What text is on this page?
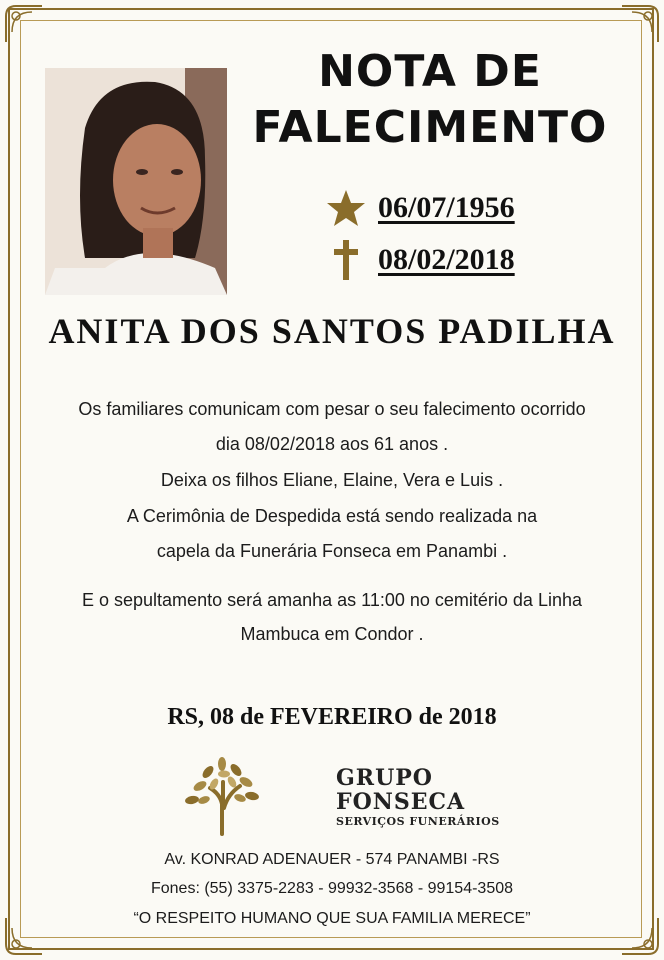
NOTA DE
FALECIMENTO
06/07/1956
08/02/2018
ANITA DOS SANTOS PADILHA
Os familiares comunicam com pesar o seu falecimento ocorrido
dia 08/02/2018 aos 61 anos .
Deixa os filhos Eliane, Elaine, Vera e Luis .
A Cerimônia de Despedida está sendo realizada na
capela da Funerária Fonseca em Panambi .
E o sepultamento será amanha as 11:00 no cemitério da Linha
Mambuca em Condor .
RS, 08 de FEVEREIRO de 2018
GRUPO
FONSECA
SERVIÇOS FUNERÁRIOS
Av. KONRAD ADENAUER - 574 PANAMBI -RS
Fones: (55) 3375-2283 - 99932-3568 - 99154-3508
“O RESPEITO HUMANO QUE SUA FAMILIA MERECE”
